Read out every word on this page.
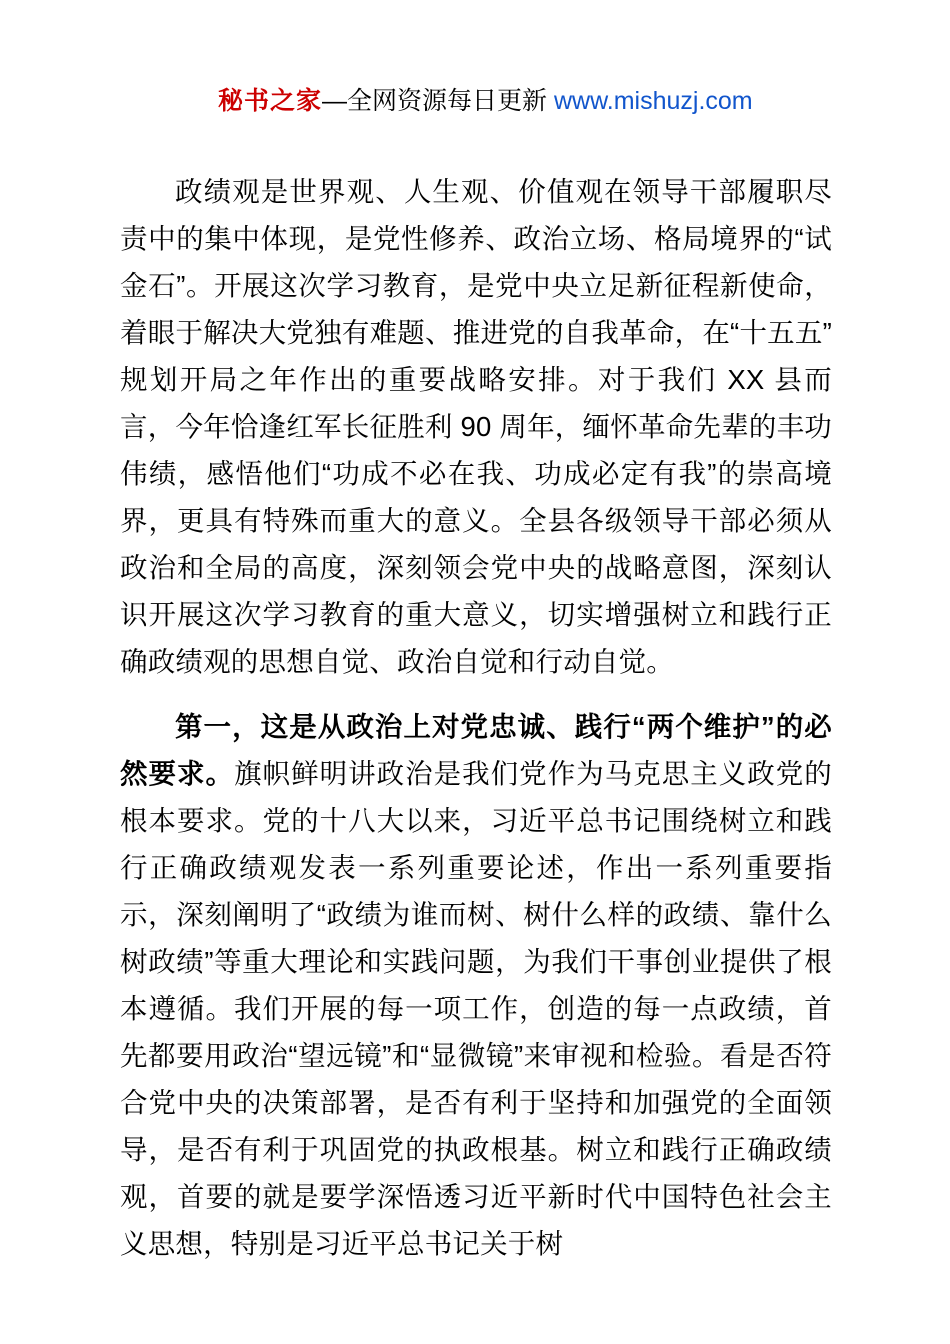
秘书之家—全网资源每日更新 www.mishuzj.com

政绩观是世界观、人生观、价值观在领导干部履职尽责中的集中体现，是党性修养、政治立场、格局境界的“试金石”。开展这次学习教育，是党中央立足新征程新使命，着眼于解决大党独有难题、推进党的自我革命，在“十五五”规划开局之年作出的重要战略安排。对于我们 XX 县而言，今年恰逢红军长征胜利 90 周年，缅怀革命先辈的丰功伟绩，感悟他们“功成不必在我、功成必定有我”的崇高境界，更具有特殊而重大的意义。全县各级领导干部必须从政治和全局的高度，深刻领会党中央的战略意图，深刻认识开展这次学习教育的重大意义，切实增强树立和践行正确政绩观的思想自觉、政治自觉和行动自觉。

第一，这是从政治上对党忠诚、践行“两个维护”的必然要求。旗帜鲜明讲政治是我们党作为马克思主义政党的根本要求。党的十八大以来，习近平总书记围绕树立和践行正确政绩观发表一系列重要论述，作出一系列重要指示，深刻阐明了“政绩为谁而树、树什么样的政绩、靠什么树政绩”等重大理论和实践问题，为我们干事创业提供了根本遵循。我们开展的每一项工作，创造的每一点政绩，首先都要用政治“望远镜”和“显微镜”来审视和检验。看是否符合党中央的决策部署，是否有利于坚持和加强党的全面领导，是否有利于巩固党的执政根基。树立和践行正确政绩观，首要的就是要学深悟透习近平新时代中国特色社会主义思想，特别是习近平总书记关于树
